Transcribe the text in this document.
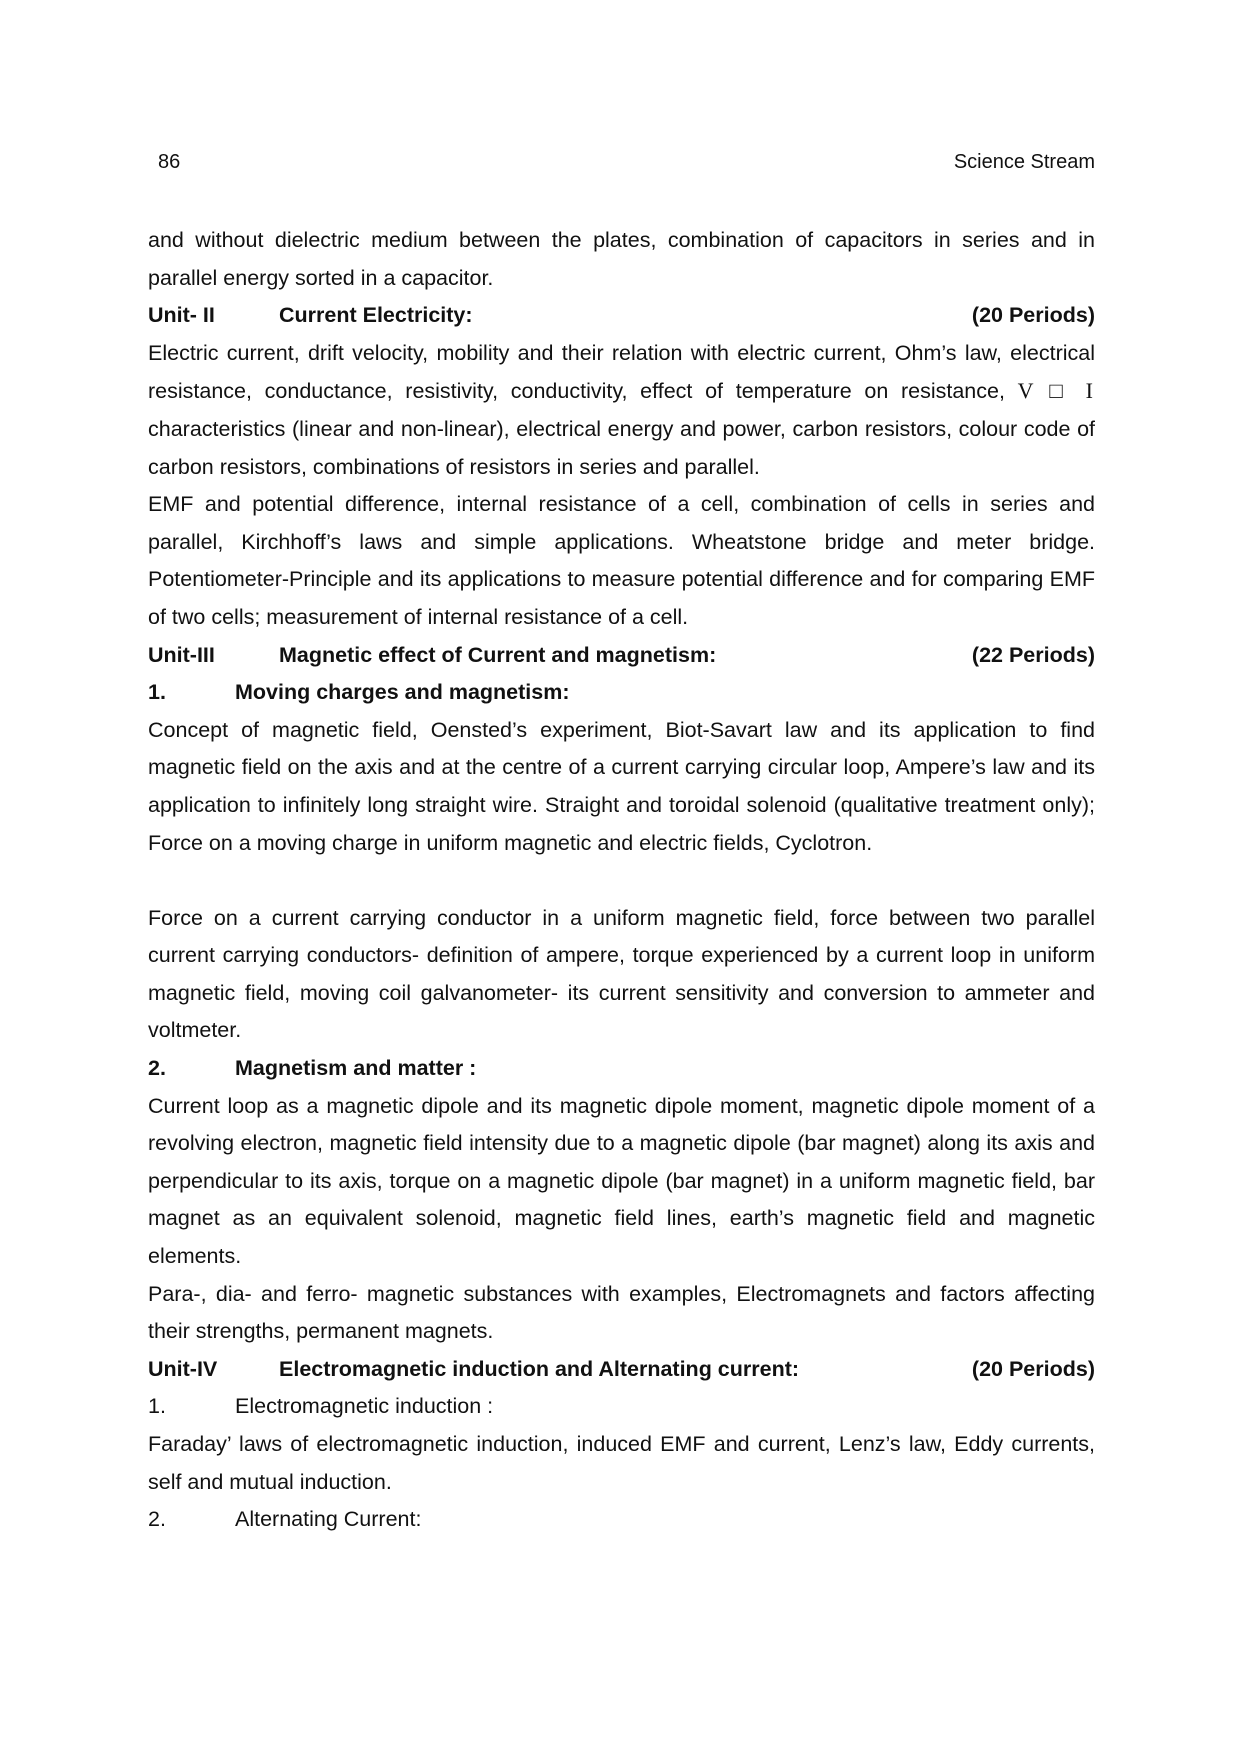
86	Science Stream

and without dielectric medium between the plates, combination of capacitors in series and in parallel energy sorted in a capacitor.

Unit- II	Current Electricity:	(20 Periods)

Electric current, drift velocity, mobility and their relation with electric current, Ohm’s law, electrical resistance, conductance, resistivity, conductivity, effect of temperature on resistance, V □ I characteristics (linear and non-linear), electrical energy and power, carbon resistors, colour code of carbon resistors, combinations of resistors in series and parallel.

EMF and potential difference, internal resistance of a cell, combination of cells in series and parallel, Kirchhoff’s laws and simple applications. Wheatstone bridge and meter bridge. Potentiometer-Principle and its applications to measure potential difference and for comparing EMF of two cells; measurement of internal resistance of a cell.

Unit-III	Magnetic effect of Current and magnetism:	(22 Periods)
1.	Moving charges and magnetism:

Concept of magnetic field, Oensted’s experiment, Biot-Savart law and its application to find magnetic field on the axis and at the centre of a current carrying circular loop, Ampere’s law and its application to infinitely long straight wire. Straight and toroidal solenoid (qualitative treatment only); Force on a moving charge in uniform magnetic and electric fields, Cyclotron.

Force on a current carrying conductor in a uniform magnetic field, force between two parallel current carrying conductors- definition of ampere, torque experienced by a current loop in uniform magnetic field, moving coil galvanometer- its current sensitivity and conversion to ammeter and voltmeter.

2.	Magnetism and matter :

Current loop as a magnetic dipole and its magnetic dipole moment, magnetic dipole moment of a revolving electron, magnetic field intensity due to a magnetic dipole (bar magnet) along its axis and perpendicular to its axis, torque on a magnetic dipole (bar magnet) in a uniform magnetic field, bar magnet as an equivalent solenoid, magnetic field lines, earth’s magnetic field and magnetic elements.

Para-, dia- and ferro- magnetic substances with examples, Electromagnets and factors affecting their strengths, permanent magnets.

Unit-IV	Electromagnetic induction and Alternating current:	(20 Periods)
1.	Electromagnetic induction :

Faraday’ laws of electromagnetic induction, induced EMF and current, Lenz’s law, Eddy currents, self and mutual induction.

2.	Alternating Current:
